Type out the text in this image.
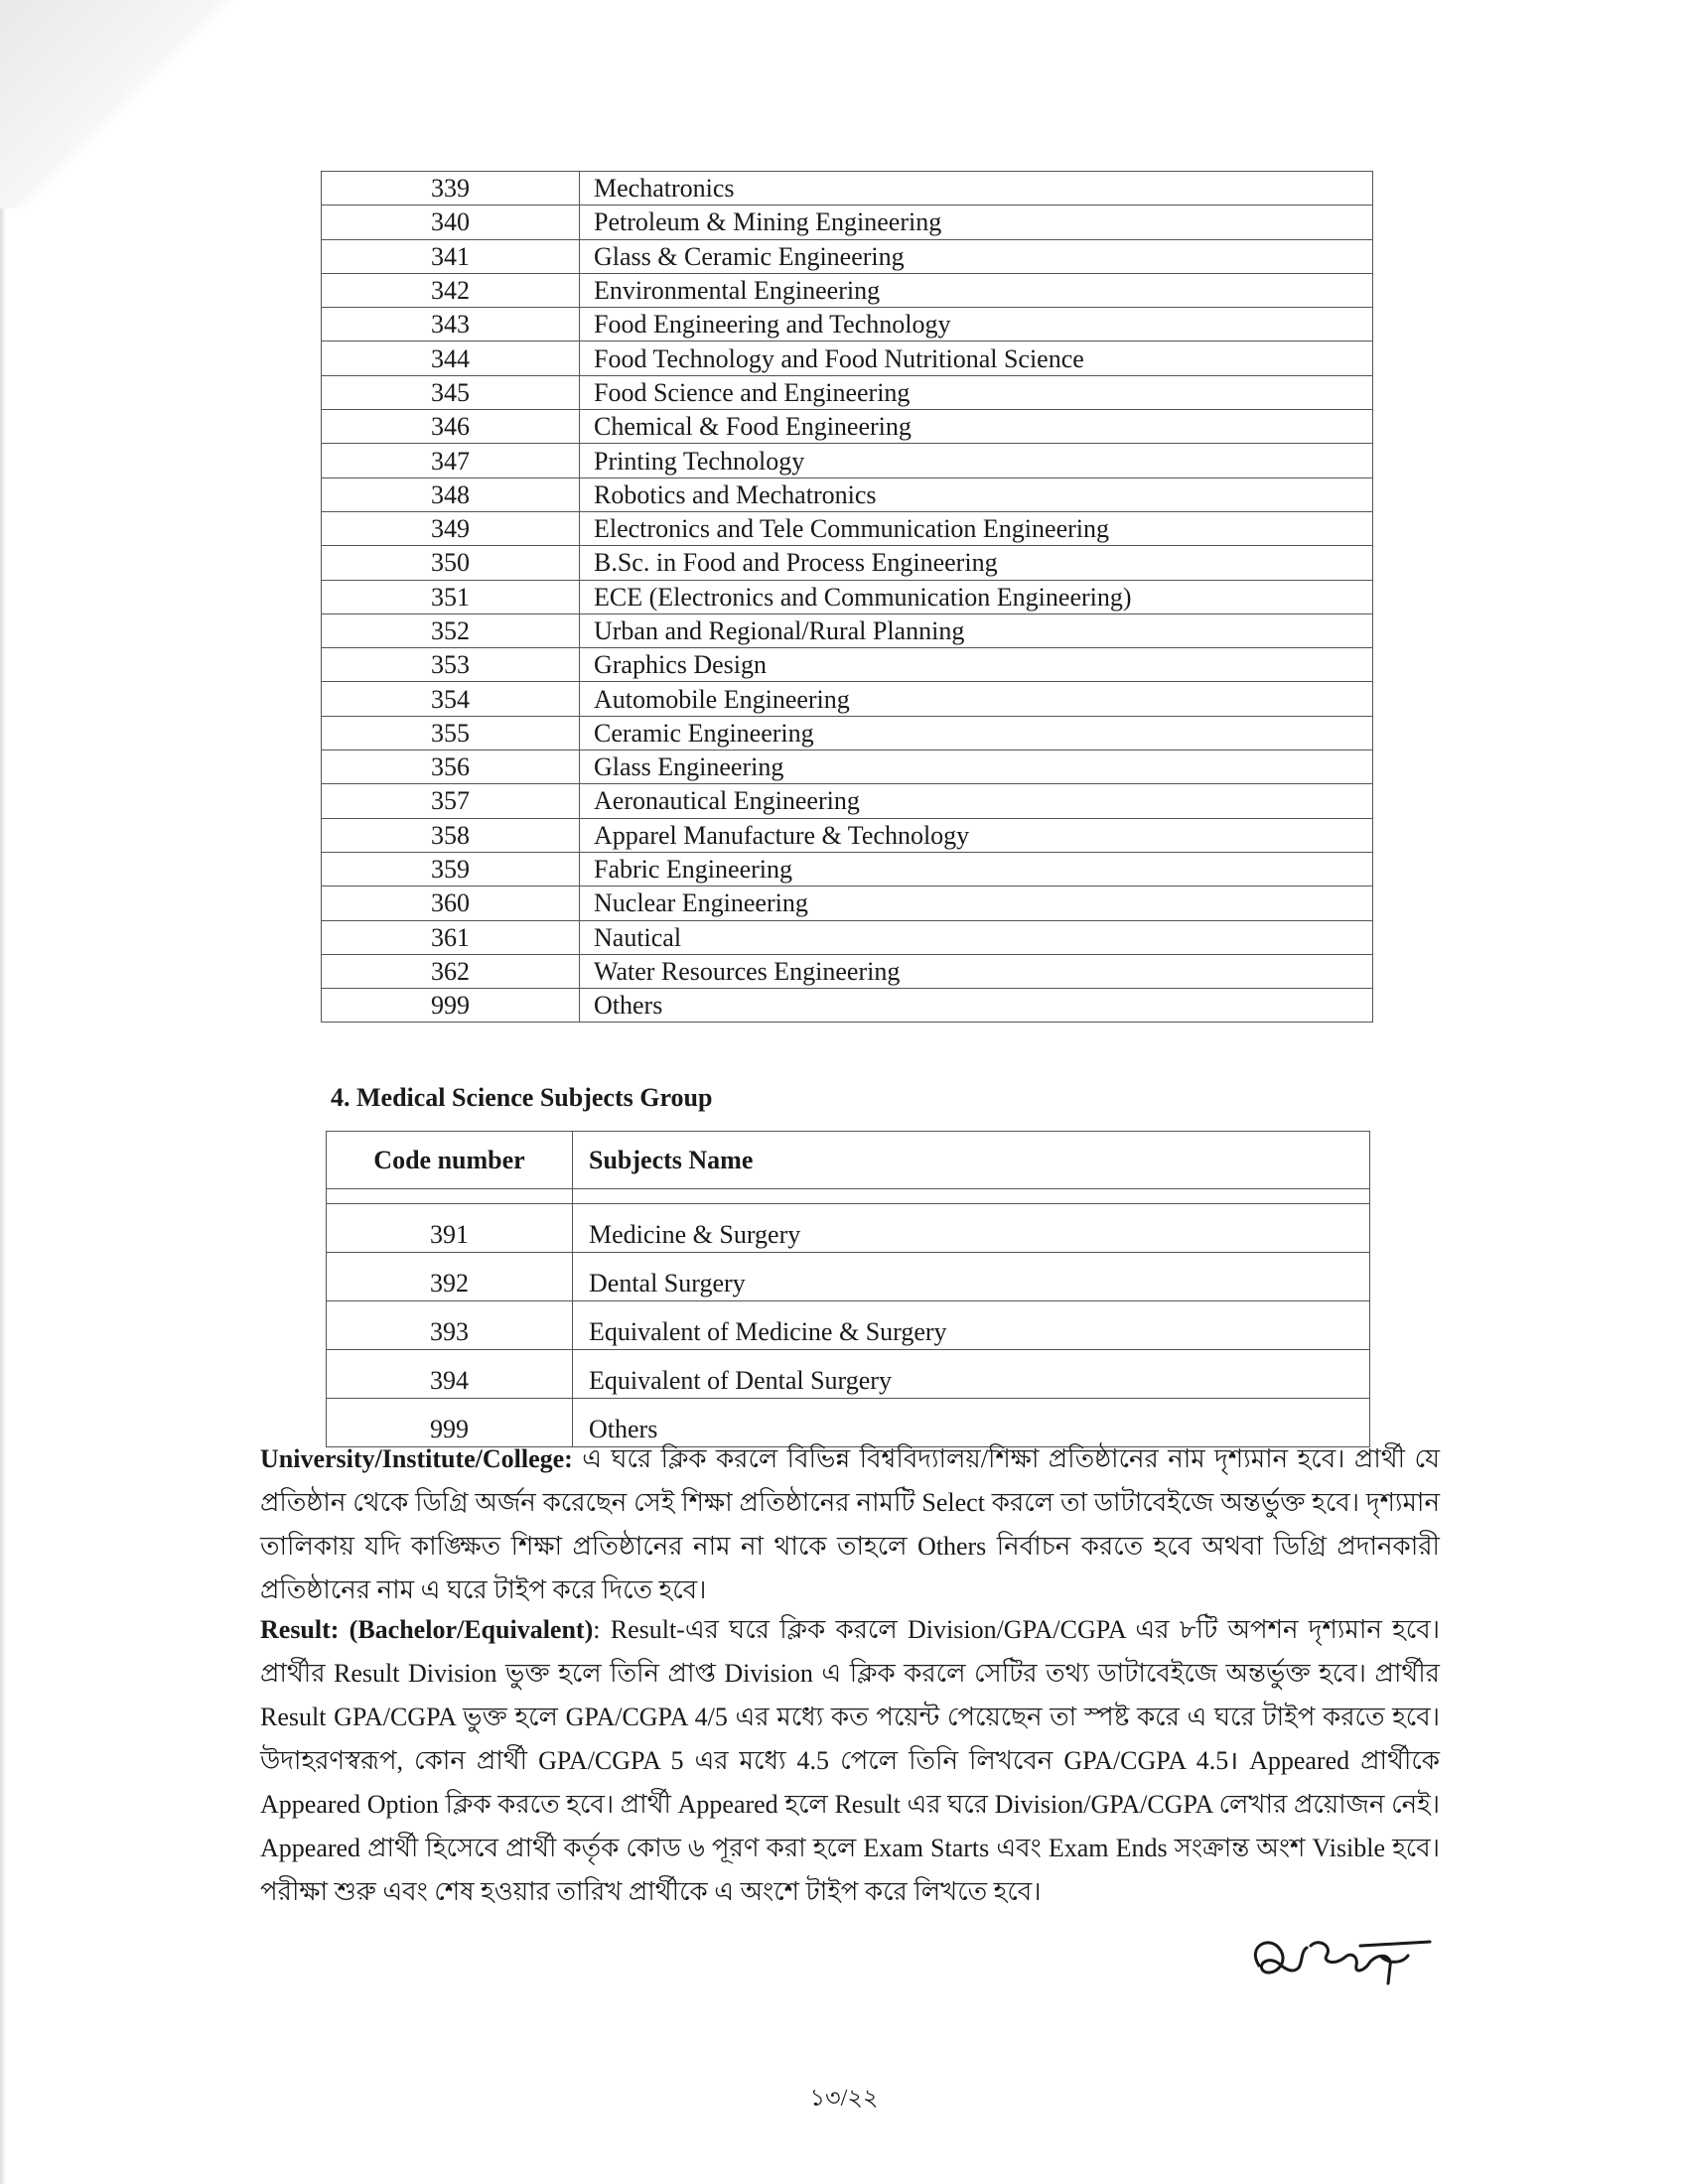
339	Mechatronics
340	Petroleum & Mining Engineering
341	Glass & Ceramic Engineering
342	Environmental Engineering
343	Food Engineering and Technology
344	Food Technology and Food Nutritional Science
345	Food Science and Engineering
346	Chemical & Food Engineering
347	Printing Technology
348	Robotics and Mechatronics
349	Electronics and Tele Communication Engineering
350	B.Sc. in Food and Process Engineering
351	ECE (Electronics and Communication Engineering)
352	Urban and Regional/Rural Planning
353	Graphics Design
354	Automobile Engineering
355	Ceramic Engineering
356	Glass Engineering
357	Aeronautical Engineering
358	Apparel Manufacture & Technology
359	Fabric Engineering
360	Nuclear Engineering
361	Nautical
362	Water Resources Engineering
999	Others
4. Medical Science Subjects Group
Code number	Subjects Name

391	Medicine & Surgery
392	Dental Surgery
393	Equivalent of Medicine & Surgery
394	Equivalent of Dental Surgery
999	Others
University/Institute/College: এ ঘরে ক্লিক করলে বিভিন্ন বিশ্ববিদ্যালয়/শিক্ষা প্রতিষ্ঠানের নাম দৃশ্যমান হবে। প্রার্থী যে প্রতিষ্ঠান থেকে ডিগ্রি অর্জন করেছেন সেই শিক্ষা প্রতিষ্ঠানের নামটি Select করলে তা ডাটাবেইজে অন্তর্ভুক্ত হবে। দৃশ্যমান তালিকায় যদি কাঙ্ক্ষিত শিক্ষা প্রতিষ্ঠানের নাম না থাকে তাহলে Others নির্বাচন করতে হবে অথবা ডিগ্রি প্রদানকারী প্রতিষ্ঠানের নাম এ ঘরে টাইপ করে দিতে হবে।
Result: (Bachelor/Equivalent): Result-এর ঘরে ক্লিক করলে Division/GPA/CGPA এর ৮টি অপশন দৃশ্যমান হবে। প্রার্থীর Result Division ভুক্ত হলে তিনি প্রাপ্ত Division এ ক্লিক করলে সেটির তথ্য ডাটাবেইজে অন্তর্ভুক্ত হবে। প্রার্থীর Result GPA/CGPA ভুক্ত হলে GPA/CGPA 4/5 এর মধ্যে কত পয়েন্ট পেয়েছেন তা স্পষ্ট করে এ ঘরে টাইপ করতে হবে। উদাহরণস্বরূপ, কোন প্রার্থী GPA/CGPA 5 এর মধ্যে 4.5 পেলে তিনি লিখবেন GPA/CGPA 4.5। Appeared প্রার্থীকে Appeared Option ক্লিক করতে হবে। প্রার্থী Appeared হলে Result এর ঘরে Division/GPA/CGPA লেখার প্রয়োজন নেই। Appeared প্রার্থী হিসেবে প্রার্থী কর্তৃক কোড ৬ পূরণ করা হলে Exam Starts এবং Exam Ends সংক্রান্ত অংশ Visible হবে। পরীক্ষা শুরু এবং শেষ হওয়ার তারিখ প্রার্থীকে এ অংশে টাইপ করে লিখতে হবে।
১৩/২২
